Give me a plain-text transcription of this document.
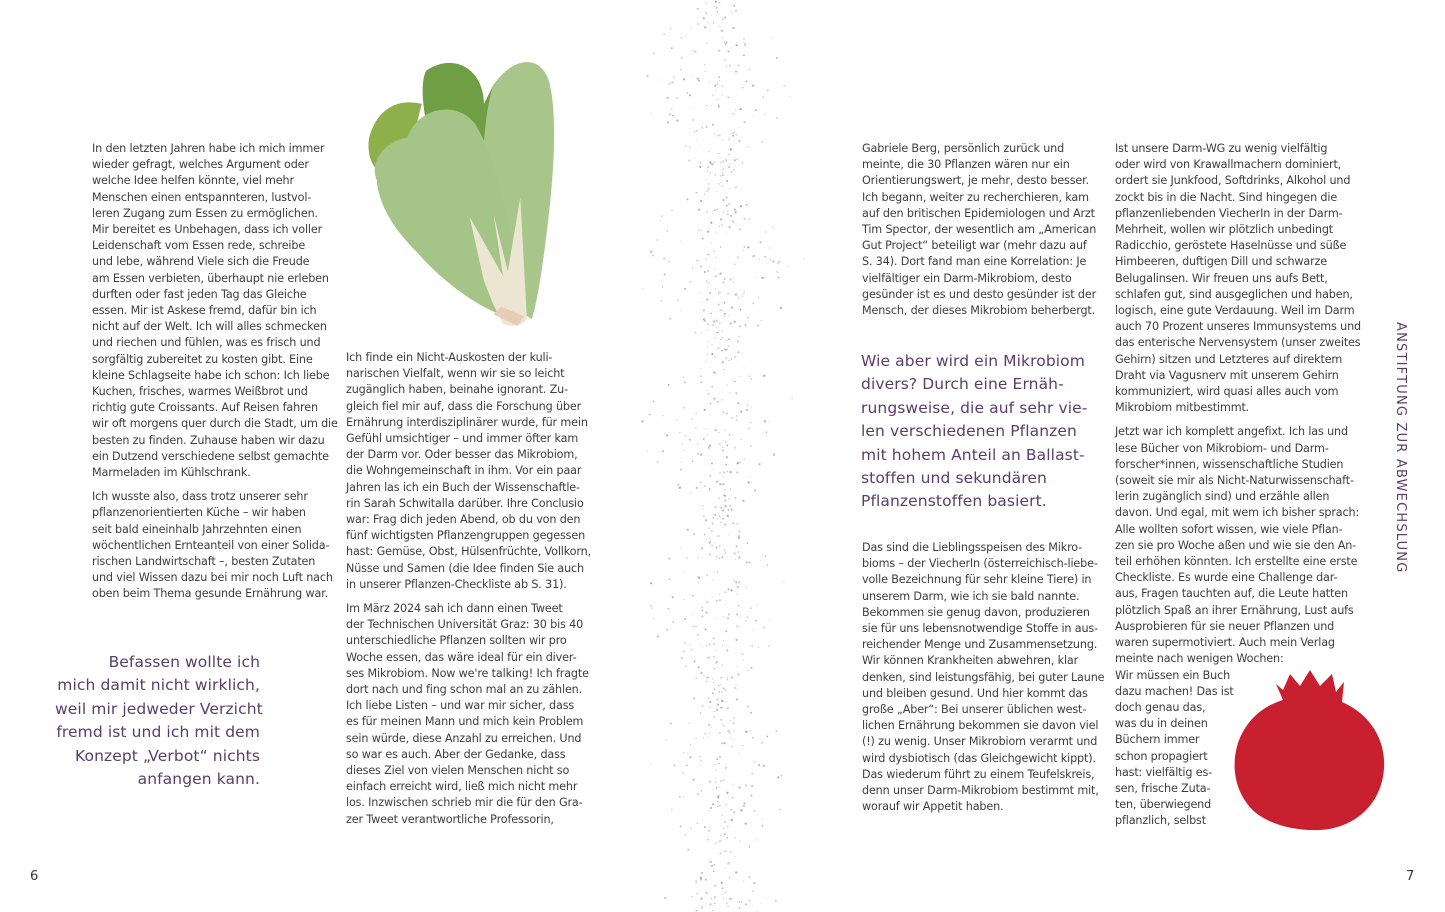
In den letzten Jahren habe ich mich immer
wieder gefragt, welches Argument oder
welche Idee helfen könnte, viel mehr
Menschen einen entspannteren, lustvol-
leren Zugang zum Essen zu ermöglichen.
Mir bereitet es Unbehagen, dass ich voller
Leidenschaft vom Essen rede, schreibe
und lebe, während Viele sich die Freude
am Essen verbieten, überhaupt nie erleben
durften oder fast jeden Tag das Gleiche
essen. Mir ist Askese fremd, dafür bin ich
nicht auf der Welt. Ich will alles schmecken
und riechen und fühlen, was es frisch und
sorgfältig zubereitet zu kosten gibt. Eine
kleine Schlagseite habe ich schon: Ich liebe
Kuchen, frisches, warmes Weißbrot und
richtig gute Croissants. Auf Reisen fahren
wir oft morgens quer durch die Stadt, um die
besten zu finden. Zuhause haben wir dazu
ein Dutzend verschiedene selbst gemachte
Marmeladen im Kühlschrank.

Ich wusste also, dass trotz unserer sehr
pflanzenorientierten Küche – wir haben
seit bald eineinhalb Jahrzehnten einen
wöchentlichen Ernteanteil von einer Solida-
rischen Landwirtschaft –, besten Zutaten
und viel Wissen dazu bei mir noch Luft nach
oben beim Thema gesunde Ernährung war.

Befassen wollte ich
mich damit nicht wirklich,
weil mir jedweder Verzicht
fremd ist und ich mit dem
Konzept „Verbot“ nichts
anfangen kann.

Ich finde ein Nicht-Auskosten der kuli-
narischen Vielfalt, wenn wir sie so leicht
zugänglich haben, beinahe ignorant. Zu-
gleich fiel mir auf, dass die Forschung über
Ernährung interdisziplinärer wurde, für mein
Gefühl umsichtiger – und immer öfter kam
der Darm vor. Oder besser das Mikrobiom,
die Wohngemeinschaft in ihm. Vor ein paar
Jahren las ich ein Buch der Wissenschaftle-
rin Sarah Schwitalla darüber. Ihre Conclusio
war: Frag dich jeden Abend, ob du von den
fünf wichtigsten Pflanzengruppen gegessen
hast: Gemüse, Obst, Hülsenfrüchte, Vollkorn,
Nüsse und Samen (die Idee finden Sie auch
in unserer Pflanzen-Checkliste ab S. 31).

Im März 2024 sah ich dann einen Tweet
der Technischen Universität Graz: 30 bis 40
unterschiedliche Pflanzen sollten wir pro
Woche essen, das wäre ideal für ein diver-
ses Mikrobiom. Now we're talking! Ich fragte
dort nach und fing schon mal an zu zählen.
Ich liebe Listen – und war mir sicher, dass
es für meinen Mann und mich kein Problem
sein würde, diese Anzahl zu erreichen. Und
so war es auch. Aber der Gedanke, dass
dieses Ziel von vielen Menschen nicht so
einfach erreicht wird, ließ mich nicht mehr
los. Inzwischen schrieb mir die für den Gra-
zer Tweet verantwortliche Professorin,

Gabriele Berg, persönlich zurück und
meinte, die 30 Pflanzen wären nur ein
Orientierungswert, je mehr, desto besser.
Ich begann, weiter zu recherchieren, kam
auf den britischen Epidemiologen und Arzt
Tim Spector, der wesentlich am „American
Gut Project“ beteiligt war (mehr dazu auf
S. 34). Dort fand man eine Korrelation: Je
vielfältiger ein Darm-Mikrobiom, desto
gesünder ist es und desto gesünder ist der
Mensch, der dieses Mikrobiom beherbergt.

Wie aber wird ein Mikrobiom
divers? Durch eine Ernäh-
rungsweise, die auf sehr vie-
len verschiedenen Pflanzen
mit hohem Anteil an Ballast-
stoffen und sekundären
Pflanzenstoffen basiert.

Das sind die Lieblingsspeisen des Mikro-
bioms – der ViecherIn (österreichisch-liebe-
volle Bezeichnung für sehr kleine Tiere) in
unserem Darm, wie ich sie bald nannte.
Bekommen sie genug davon, produzieren
sie für uns lebensnotwendige Stoffe in aus-
reichender Menge und Zusammensetzung.
Wir können Krankheiten abwehren, klar
denken, sind leistungsfähig, bei guter Laune
und bleiben gesund. Und hier kommt das
große „Aber“: Bei unserer üblichen west-
lichen Ernährung bekommen sie davon viel
(!) zu wenig. Unser Mikrobiom verarmt und
wird dysbiotisch (das Gleichgewicht kippt).
Das wiederum führt zu einem Teufelskreis,
denn unser Darm-Mikrobiom bestimmt mit,
worauf wir Appetit haben.

Ist unsere Darm-WG zu wenig vielfältig
oder wird von Krawallmachern dominiert,
ordert sie Junkfood, Softdrinks, Alkohol und
zockt bis in die Nacht. Sind hingegen die
pflanzenliebenden ViecherIn in der Darm-
Mehrheit, wollen wir plötzlich unbedingt
Radicchio, geröstete Haselnüsse und süße
Himbeeren, duftigen Dill und schwarze
Belugalinsen. Wir freuen uns aufs Bett,
schlafen gut, sind ausgeglichen und haben,
logisch, eine gute Verdauung. Weil im Darm
auch 70 Prozent unseres Immunsystems und
das enterische Nervensystem (unser zweites
Gehirn) sitzen und Letzteres auf direktem
Draht via Vagusnerv mit unserem Gehirn
kommuniziert, wird quasi alles auch vom
Mikrobiom mitbestimmt.

Jetzt war ich komplett angefixt. Ich las und
lese Bücher von Mikrobiom- und Darm-
forscher*innen, wissenschaftliche Studien
(soweit sie mir als Nicht-Naturwissenschaft-
lerin zugänglich sind) und erzähle allen
davon. Und egal, mit wem ich bisher sprach:
Alle wollten sofort wissen, wie viele Pflan-
zen sie pro Woche aßen und wie sie den An-
teil erhöhen könnten. Ich erstellte eine erste
Checkliste. Es wurde eine Challenge dar-
aus, Fragen tauchten auf, die Leute hatten
plötzlich Spaß an ihrer Ernährung, Lust aufs
Ausprobieren für sie neuer Pflanzen und
waren supermotiviert. Auch mein Verlag
meinte nach wenigen Wochen:

Wir müssen ein Buch
dazu machen! Das ist
doch genau das,
was du in deinen
Büchern immer
schon propagiert
hast: vielfältig es-
sen, frische Zuta-
ten, überwiegend
pflanzlich, selbst

ANSTIFTUNG ZUR ABWECHSLUNG
6	7
